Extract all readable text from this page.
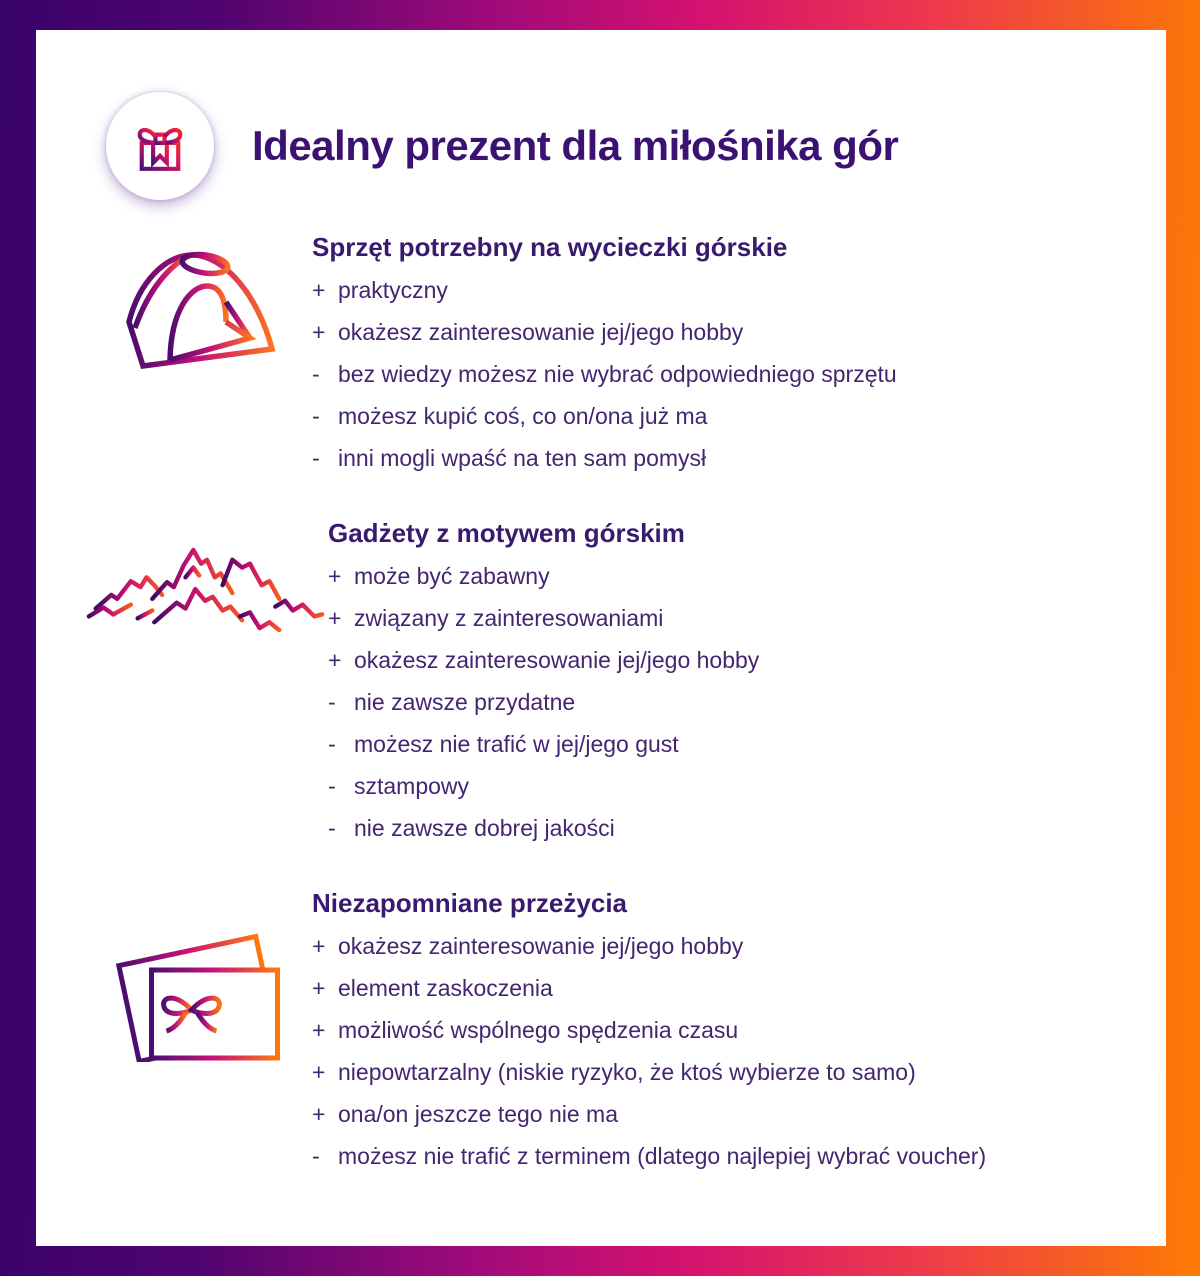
Idealny prezent dla miłośnika gór
Sprzęt potrzebny na wycieczki górskie
+ praktyczny
+ okażesz zainteresowanie jej/jego hobby
- bez wiedzy możesz nie wybrać odpowiedniego sprzętu
- możesz kupić coś, co on/ona już ma
- inni mogli wpaść na ten sam pomysł
Gadżety z motywem górskim
+ może być zabawny
+ związany z zainteresowaniami
+ okażesz zainteresowanie jej/jego hobby
- nie zawsze przydatne
- możesz nie trafić w jej/jego gust
- sztampowy
- nie zawsze dobrej jakości
Niezapomniane przeżycia
+ okażesz zainteresowanie jej/jego hobby
+ element zaskoczenia
+ możliwość wspólnego spędzenia czasu
+ niepowtarzalny (niskie ryzyko, że ktoś wybierze to samo)
+ ona/on jeszcze tego nie ma
- możesz nie trafić z terminem (dlatego najlepiej wybrać voucher)
